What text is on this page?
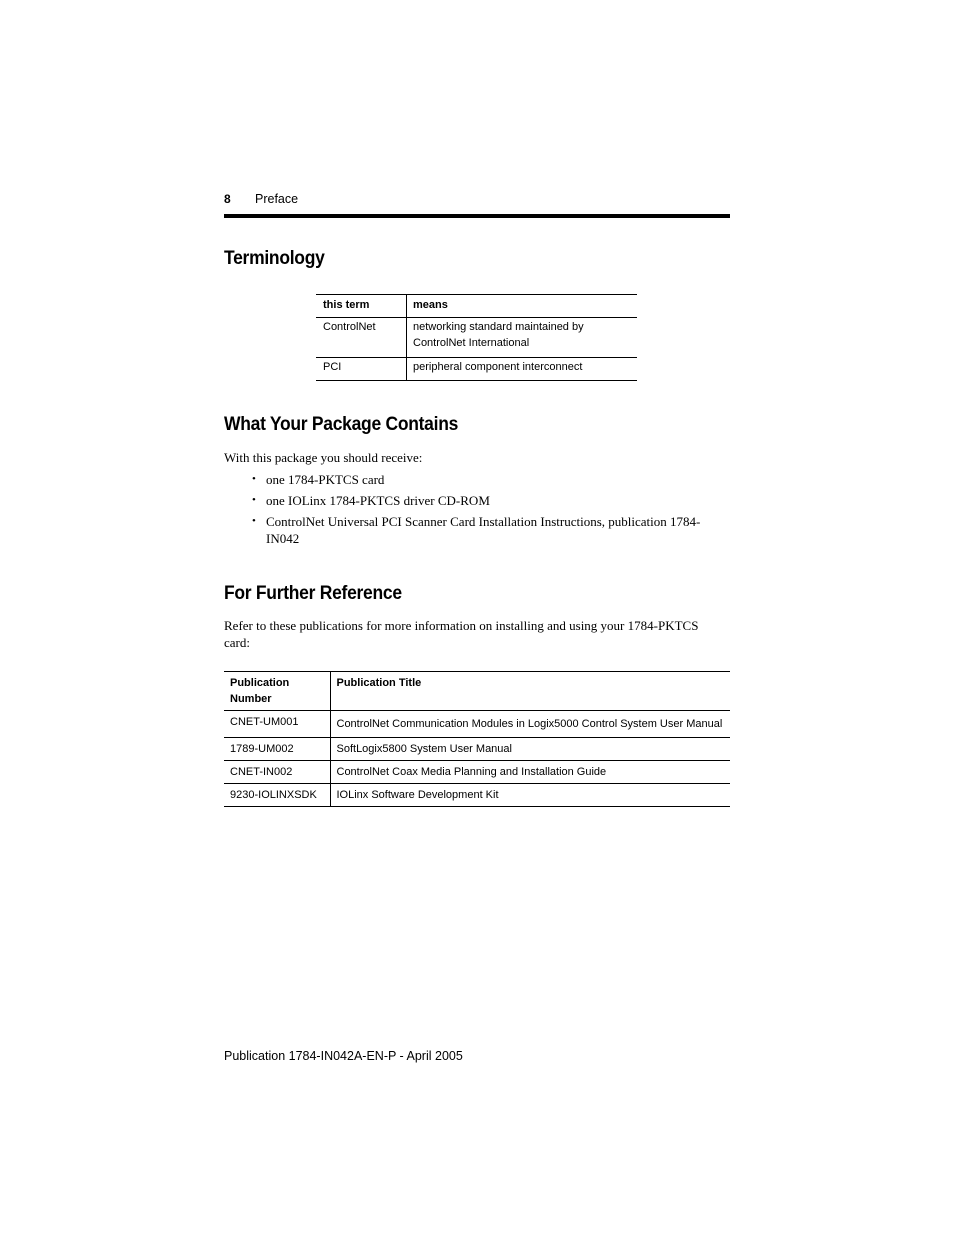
8 Preface
Terminology
this term	means
ControlNet	networking standard maintained by ControlNet International
PCI	peripheral component interconnect
What Your Package Contains
With this package you should receive:
• one 1784-PKTCS card
• one IOLinx 1784-PKTCS driver CD-ROM
• ControlNet Universal PCI Scanner Card Installation Instructions, publication 1784-IN042
For Further Reference
Refer to these publications for more information on installing and using your 1784-PKTCS card:
Publication Number	Publication Title
CNET-UM001	ControlNet Communication Modules in Logix5000 Control System User Manual
1789-UM002	SoftLogix5800 System User Manual
CNET-IN002	ControlNet Coax Media Planning and Installation Guide
9230-IOLINXSDK	IOLinx Software Development Kit
Publication 1784-IN042A-EN-P - April 2005
